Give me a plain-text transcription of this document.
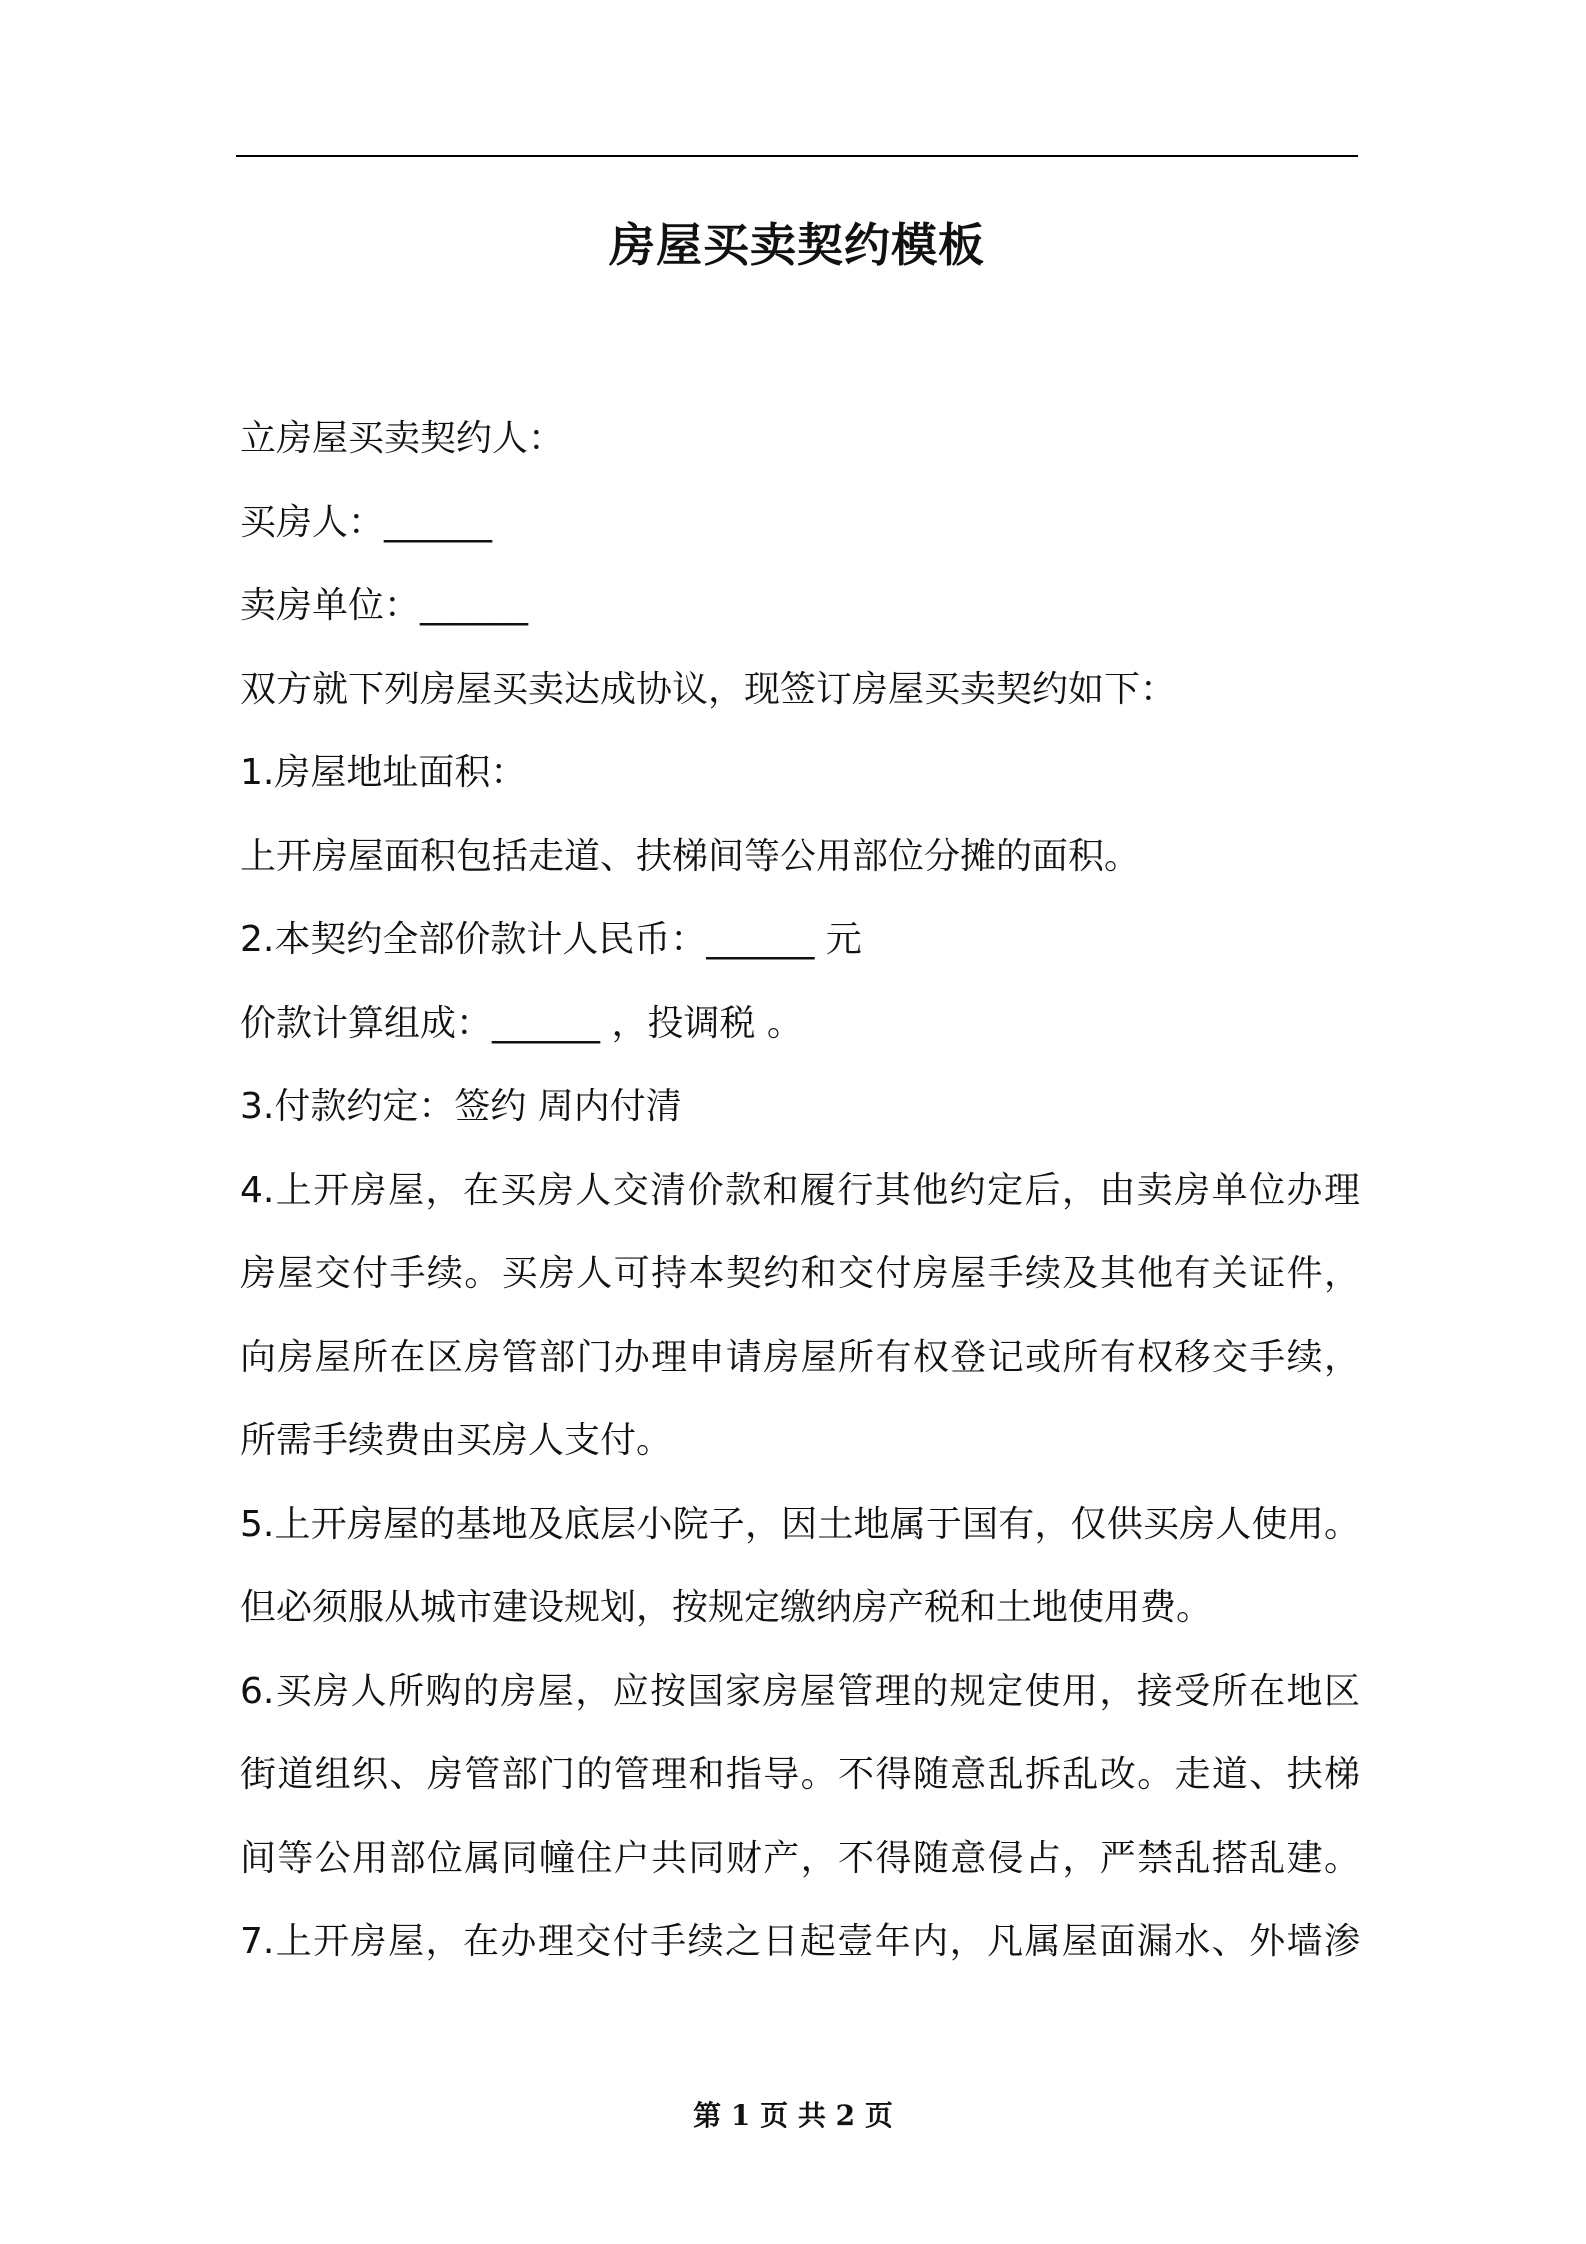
房屋买卖契约模板
立房屋买卖契约人：
买房人：______
卖房单位：______
双方就下列房屋买卖达成协议，现签订房屋买卖契约如下：
1.房屋地址面积：
上开房屋面积包括走道、扶梯间等公用部位分摊的面积。
2.本契约全部价款计人民币：______ 元
价款计算组成：______ ，投调税 。
3.付款约定：签约 周内付清
4.上开房屋，在买房人交清价款和履行其他约定后，由卖房单位办理
房屋交付手续。买房人可持本契约和交付房屋手续及其他有关证件，
向房屋所在区房管部门办理申请房屋所有权登记或所有权移交手续，
所需手续费由买房人支付。
5.上开房屋的基地及底层小院子，因土地属于国有，仅供买房人使用。
但必须服从城市建设规划，按规定缴纳房产税和土地使用费。
6.买房人所购的房屋，应按国家房屋管理的规定使用，接受所在地区
街道组织、房管部门的管理和指导。不得随意乱拆乱改。走道、扶梯
间等公用部位属同幢住户共同财产，不得随意侵占，严禁乱搭乱建。
7.上开房屋，在办理交付手续之日起壹年内，凡属屋面漏水、外墙渗
第 1 页 共 2 页
